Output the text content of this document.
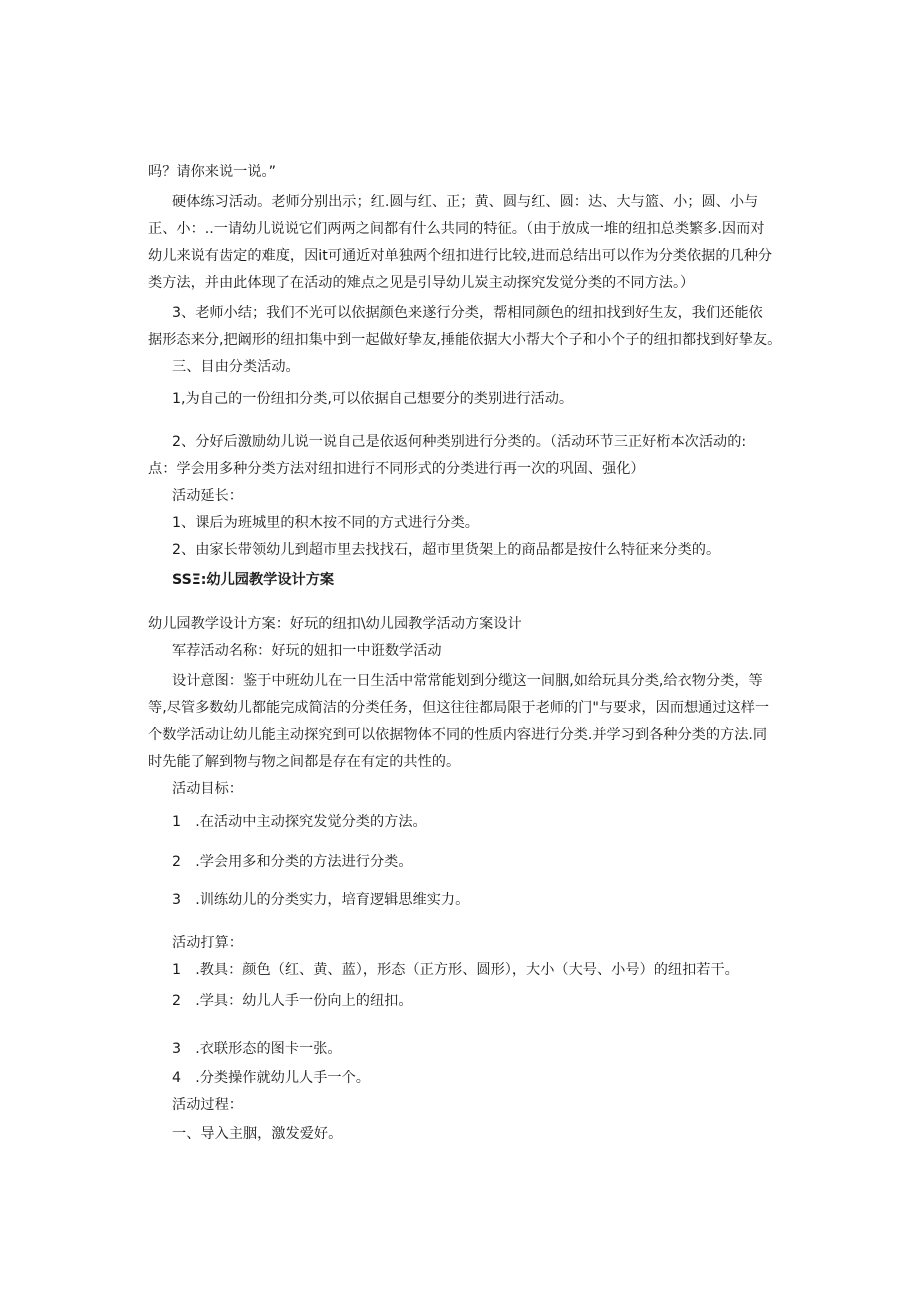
吗？请你来说一说。”
硬体练习活动。老师分别出示；红.圆与红、正；黄、圆与红、圆：达、大与篮、小；圆、小与
正、小：..一请幼儿说说它们两两之间都有什么共同的特征。（由于放成一堆的纽扣总类繁多.因而对
幼儿来说有齿定的难度，因it可通近对单独两个纽扣进行比较,进而总结出可以作为分类依据的几种分
类方法，并由此体现了在活动的雉点之见是引导幼儿炭主动探究发觉分类的不同方法。）
3、老师小结；我们不光可以依据颜色来遂行分类，帮相同颜色的纽扣找到好生友，我们还能依
据形态来分,把阚形的纽扣集中到一起做好挚友,捶能依据大小帮大个子和小个子的纽扣都找到好挚友。
三、目由分类活动。
1,为自己的一份纽扣分类,可以依据自己想要分的类别进行活动。
2、分好后激励幼儿说一说自己是依返何种类别进行分类的。（活动环节三正好桁本次活动的:
点：学会用多种分类方法对纽扣进行不同形式的分类进行再一次的巩固、强化）
活动延长：
1、课后为班城里的积木按不同的方式进行分类。
2、由家长带领幼儿到超市里去找找石，超市里货架上的商品都是按什么特征来分类的。
SSΞ:幼儿园教学设计方案
幼儿园教学设计方案：好玩的纽扣\幼儿园教学活动方案设计
军荐活动名称：好玩的妞扣一中诳数学活动
设计意图：鉴于中班幼儿在一日生活中常常能划到分缆这一间胭,如给玩具分类,给衣物分类，等
等,尽管多数幼儿都能完成简洁的分类任务，但这往往都局限于老师的门"与要求，因而想通过这样一
个数学活动让幼儿能主动探究到可以依据物体不同的性质内容进行分类.并学习到各种分类的方法.同
时先能了解到物与物之间都是存在有定的共性的。
活动目标：
1 .在活动中主动探究发觉分类的方法。
2 .学会用多和分类的方法进行分类。
3 .训练幼儿的分类实力，培育逻辑思维实力。
活动打算：
1 .教具：颜色（红、黄、蓝），形态（正方形、圆形），大小（大号、小号）的纽扣若干。
2 .学具：幼儿人手一份向上的纽扣。
3 .衣联形态的图卡一张。
4 .分类操作就幼儿人手一个。
活动过程：
一、导入主胭，激发爱好。
